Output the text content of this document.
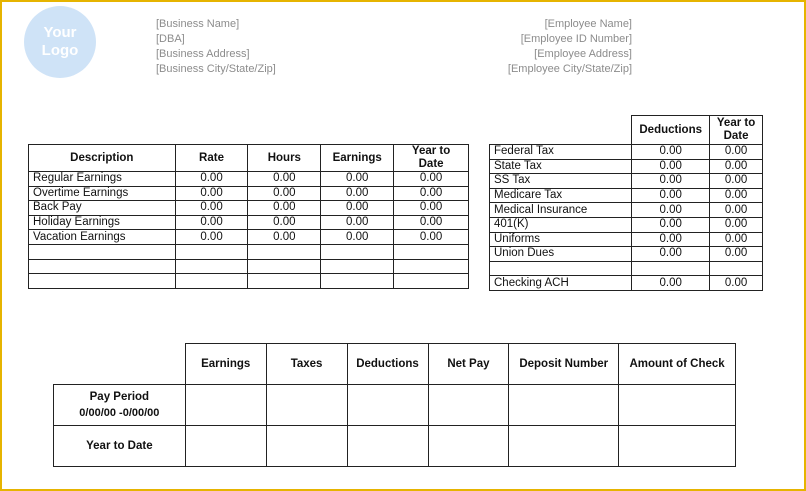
Your
Logo
[Business Name]
[DBA]
[Business Address]
[Business City/State/Zip]
[Employee Name]
[Employee ID Number]
[Employee Address]
[Employee City/State/Zip]
Description	Rate	Hours	Earnings	Year to Date
Regular Earnings	0.00	0.00	0.00	0.00
Overtime Earnings	0.00	0.00	0.00	0.00
Back Pay	0.00	0.00	0.00	0.00
Holiday Earnings	0.00	0.00	0.00	0.00
Vacation Earnings	0.00	0.00	0.00	0.00

	Deductions	Year to Date
Federal Tax	0.00	0.00
State Tax	0.00	0.00
SS Tax	0.00	0.00
Medicare Tax	0.00	0.00
Medical Insurance	0.00	0.00
401(K)	0.00	0.00
Uniforms	0.00	0.00
Union Dues	0.00	0.00

Checking ACH	0.00	0.00
	Earnings	Taxes	Deductions	Net Pay	Deposit Number	Amount of Check

Pay Period
0/00/00 -0/00/00						

Year to Date						
